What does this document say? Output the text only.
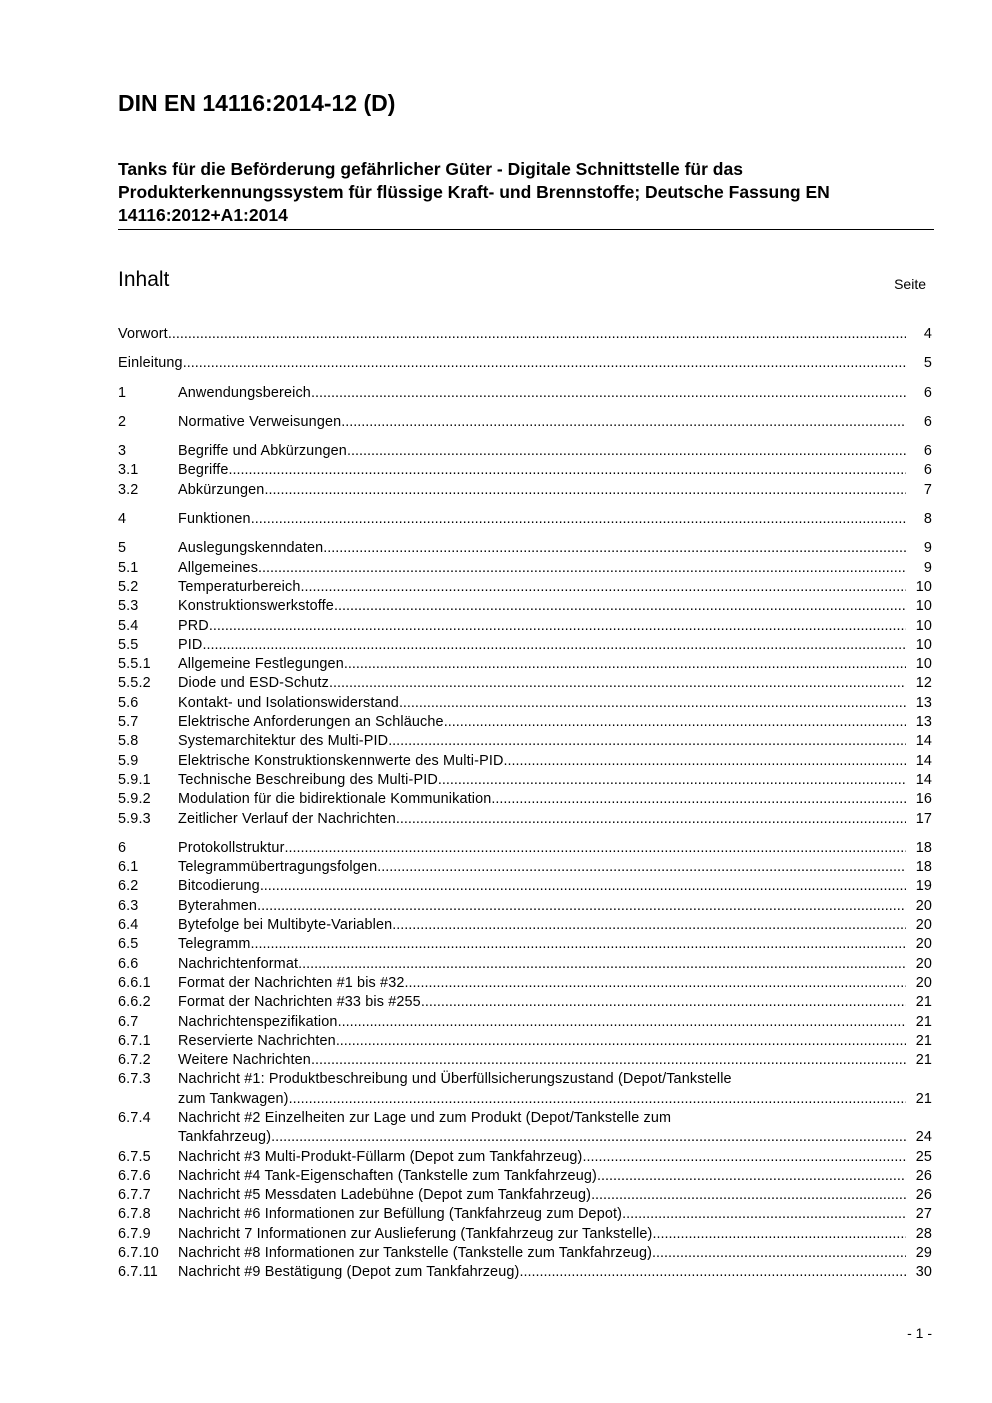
DIN EN 14116:2014-12 (D)
Tanks für die Beförderung gefährlicher Güter - Digitale Schnittstelle für das Produkterkennungssystem für flüssige Kraft- und Brennstoffe; Deutsche Fassung EN 14116:2012+A1:2014
Inhalt	Seite
Vorwort .....	4
Einleitung .....	5
1	Anwendungsbereich .....	6
2	Normative Verweisungen .....	6
3	Begriffe und Abkürzungen .....	6
3.1	Begriffe .....	6
3.2	Abkürzungen .....	7
4	Funktionen .....	8
5	Auslegungskenndaten .....	9
5.1	Allgemeines .....	9
5.2	Temperaturbereich .....	10
5.3	Konstruktionswerkstoffe .....	10
5.4	PRD .....	10
5.5	PID .....	10
5.5.1 Allgemeine Festlegungen .....	10
5.5.2 Diode und ESD-Schutz .....	12
5.6	Kontakt- und Isolationswiderstand .....	13
5.7	Elektrische Anforderungen an Schläuche .....	13
5.8	Systemarchitektur des Multi-PID .....	14
5.9	Elektrische Konstruktionskennwerte des Multi-PID .....	14
5.9.1 Technische Beschreibung des Multi-PID .....	14
5.9.2 Modulation für die bidirektionale Kommunikation .....	16
5.9.3 Zeitlicher Verlauf der Nachrichten .....	17
6	Protokollstruktur .....	18
6.1	Telegrammübertragungsfolgen .....	18
6.2	Bitcodierung .....	19
6.3	Byterahmen .....	20
6.4	Bytefolge bei Multibyte-Variablen .....	20
6.5	Telegramm .....	20
6.6	Nachrichtenformat .....	20
6.6.1 Format der Nachrichten #1 bis #32 .....	20
6.6.2 Format der Nachrichten #33 bis #255 .....	21
6.7	Nachrichtenspezifikation .....	21
6.7.1 Reservierte Nachrichten .....	21
6.7.2 Weitere Nachrichten .....	21
6.7.3 Nachricht #1: Produktbeschreibung und Überfüllsicherungszustand (Depot/Tankstelle
zum Tankwagen) .....	21
6.7.4 Nachricht #2 Einzelheiten zur Lage und zum Produkt (Depot/Tankstelle zum
Tankfahrzeug) .....	24
6.7.5 Nachricht #3 Multi-Produkt-Füllarm (Depot zum Tankfahrzeug) .....	25
6.7.6 Nachricht #4 Tank-Eigenschaften (Tankstelle zum Tankfahrzeug) .....	26
6.7.7 Nachricht #5 Messdaten Ladebühne (Depot zum Tankfahrzeug) .....	26
6.7.8 Nachricht #6 Informationen zur Befüllung (Tankfahrzeug zum Depot) .....	27
6.7.9 Nachricht 7 Informationen zur Auslieferung (Tankfahrzeug zur Tankstelle) .....	28
6.7.10 Nachricht #8 Informationen zur Tankstelle (Tankstelle zum Tankfahrzeug) .....	29
6.7.11 Nachricht #9 Bestätigung (Depot zum Tankfahrzeug) .....	30
- 1 -
